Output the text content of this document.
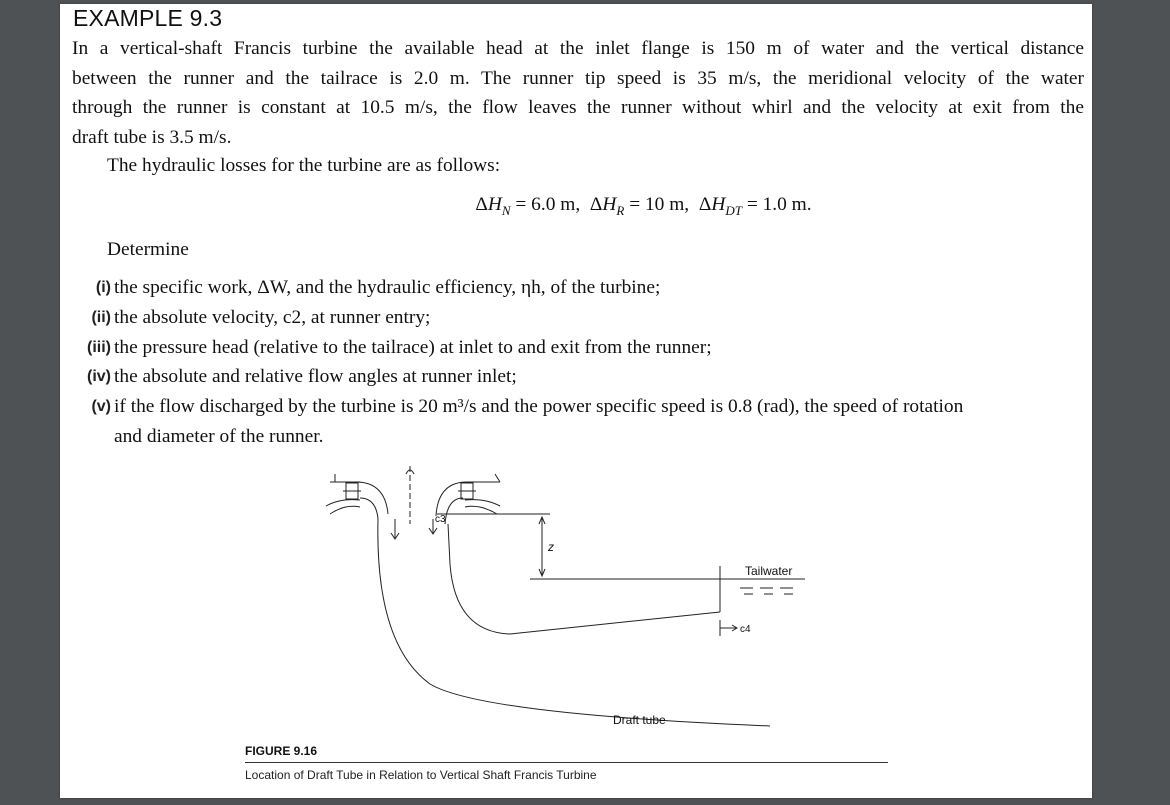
EXAMPLE 9.3
In a vertical-shaft Francis turbine the available head at the inlet flange is 150 m of water and the vertical distance
between the runner and the tailrace is 2.0 m. The runner tip speed is 35 m/s, the meridional velocity of the water
through the runner is constant at 10.5 m/s, the flow leaves the runner without whirl and the velocity at exit from the
draft tube is 3.5 m/s.
The hydraulic losses for the turbine are as follows:
$\Delta H_N = 6.0$ m,  $\Delta H_R = 10$ m,  $\Delta H_{DT} = 1.0$ m.
Determine
(i) the specific work, ΔW, and the hydraulic efficiency, ηh, of the turbine;
(ii) the absolute velocity, c2, at runner entry;
(iii) the pressure head (relative to the tailrace) at inlet to and exit from the runner;
(iv) the absolute and relative flow angles at runner inlet;
(v) if the flow discharged by the turbine is 20 m³/s and the power specific speed is 0.8 (rad), the speed of rotation
and diameter of the runner.
c3
z
Tailwater
c4
Draft tube
FIGURE 9.16
Location of Draft Tube in Relation to Vertical Shaft Francis Turbine
